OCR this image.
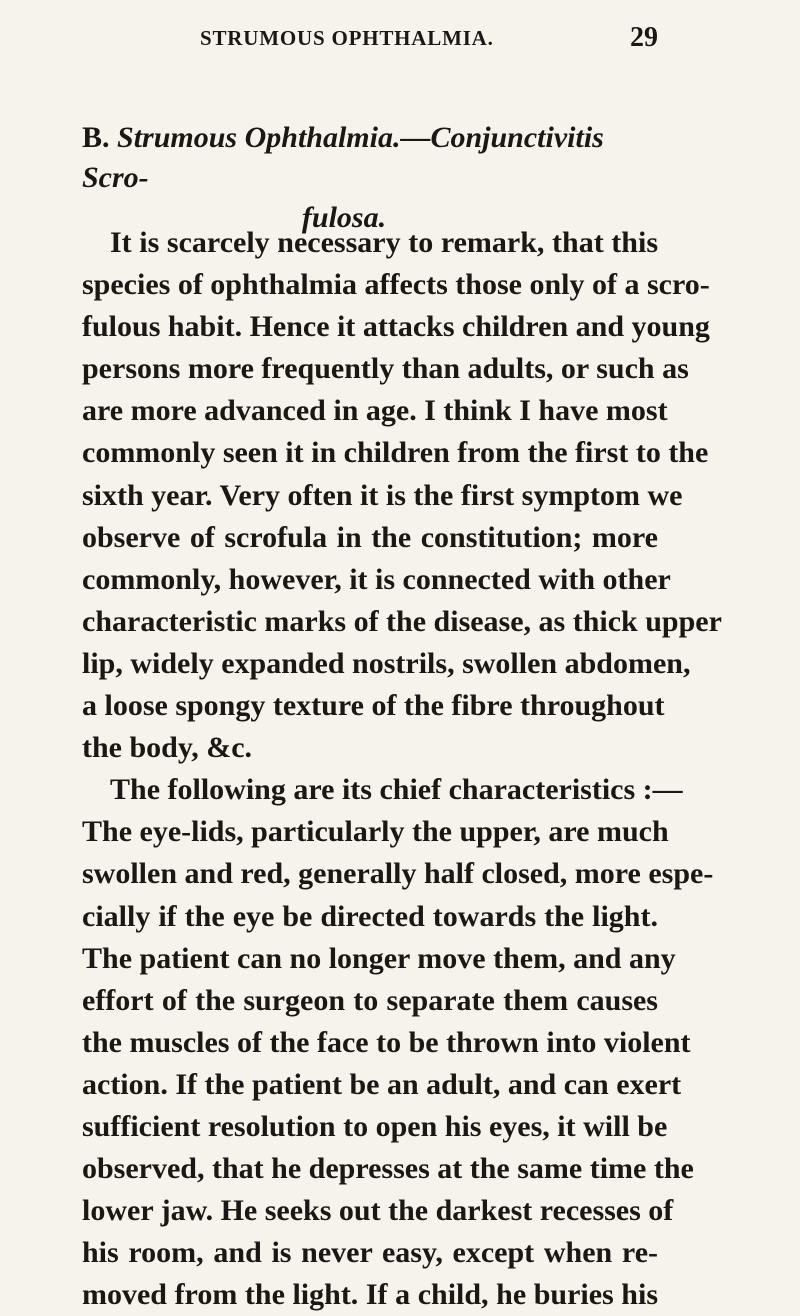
STRUMOUS OPHTHALMIA.	29
B. Strumous Ophthalmia.—Conjunctivitis Scro-
fulosa.
It is scarcely necessary to remark, that this
species of ophthalmia affects those only of a scro-
fulous habit. Hence it attacks children and young
persons more frequently than adults, or such as
are more advanced in age. I think I have most
commonly seen it in children from the first to the
sixth year. Very often it is the first symptom we
observe of scrofula in the constitution; more
commonly, however, it is connected with other
characteristic marks of the disease, as thick upper
lip, widely expanded nostrils, swollen abdomen,
a loose spongy texture of the fibre throughout
the body, &c.
The following are its chief characteristics :—
The eye-lids, particularly the upper, are much
swollen and red, generally half closed, more espe-
cially if the eye be directed towards the light.
The patient can no longer move them, and any
effort of the surgeon to separate them causes
the muscles of the face to be thrown into violent
action. If the patient be an adult, and can exert
sufficient resolution to open his eyes, it will be
observed, that he depresses at the same time the
lower jaw. He seeks out the darkest recesses of
his room, and is never easy, except when re-
moved from the light. If a child, he buries his
